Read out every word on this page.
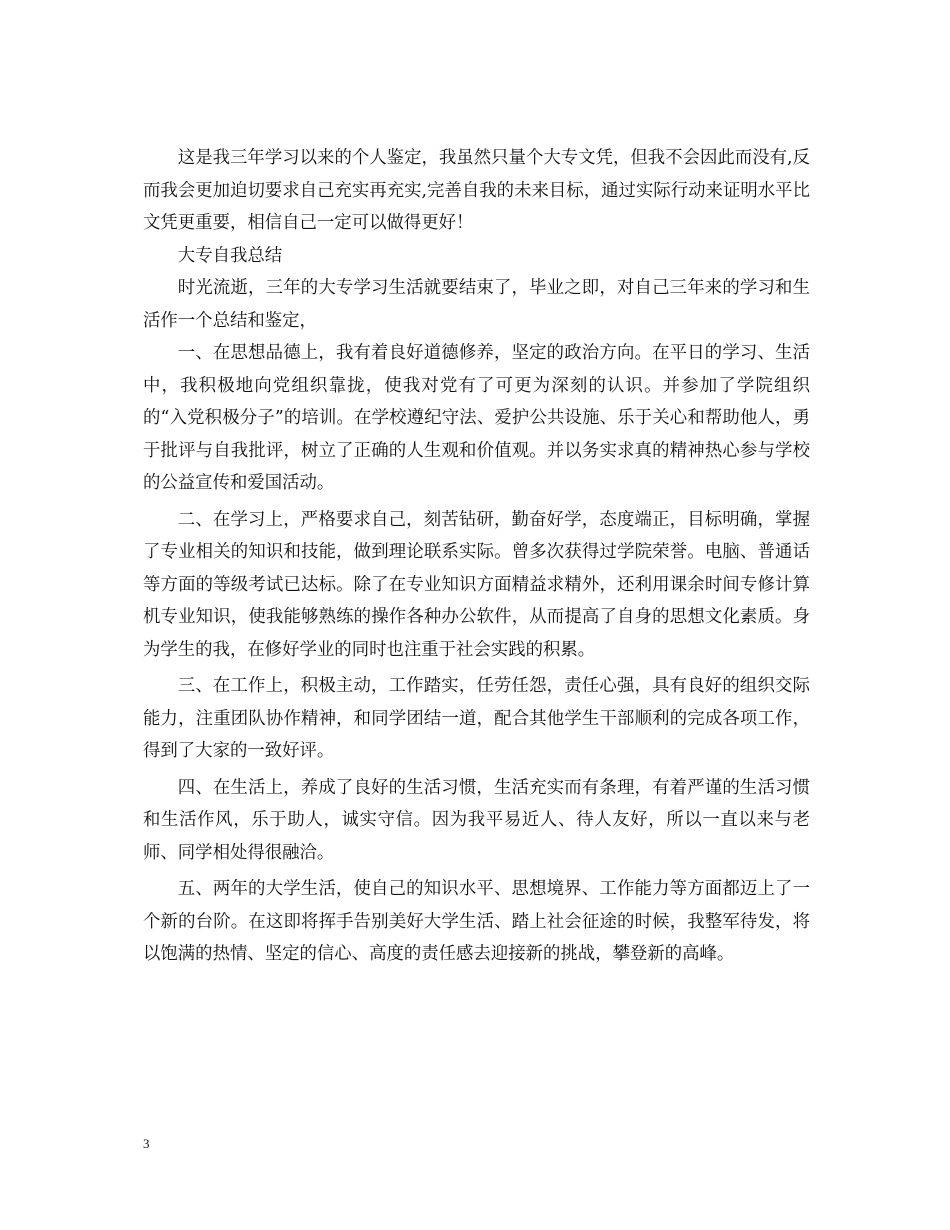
这是我三年学习以来的个人鉴定，我虽然只量个大专文凭，但我不会因此而没有,反而我会更加迫切要求自己充实再充实,完善自我的未来目标，通过实际行动来证明水平比文凭更重要，相信自己一定可以做得更好！

大专自我总结

时光流逝，三年的大专学习生活就要结束了，毕业之即，对自己三年来的学习和生活作一个总结和鉴定，

一、在思想品德上，我有着良好道德修养，坚定的政治方向。在平日的学习、生活中，我积极地向党组织靠拢，使我对党有了可更为深刻的认识。并参加了学院组织的“入党积极分子”的培训。在学校遵纪守法、爱护公共设施、乐于关心和帮助他人，勇于批评与自我批评，树立了正确的人生观和价值观。并以务实求真的精神热心参与学校的公益宣传和爱国活动。

二、在学习上，严格要求自己，刻苦钻研，勤奋好学，态度端正，目标明确，掌握了专业相关的知识和技能，做到理论联系实际。曾多次获得过学院荣誉。电脑、普通话等方面的等级考试已达标。除了在专业知识方面精益求精外，还利用课余时间专修计算机专业知识，使我能够熟练的操作各种办公软件，从而提高了自身的思想文化素质。身为学生的我，在修好学业的同时也注重于社会实践的积累。

三、在工作上，积极主动，工作踏实，任劳任怨，责任心强，具有良好的组织交际能力，注重团队协作精神，和同学团结一道，配合其他学生干部顺利的完成各项工作，得到了大家的一致好评。

四、在生活上，养成了良好的生活习惯，生活充实而有条理，有着严谨的生活习惯和生活作风，乐于助人，诚实守信。因为我平易近人、待人友好，所以一直以来与老师、同学相处得很融洽。

五、两年的大学生活，使自己的知识水平、思想境界、工作能力等方面都迈上了一个新的台阶。在这即将挥手告别美好大学生活、踏上社会征途的时候，我整军待发，将以饱满的热情、坚定的信心、高度的责任感去迎接新的挑战，攀登新的高峰。

3
